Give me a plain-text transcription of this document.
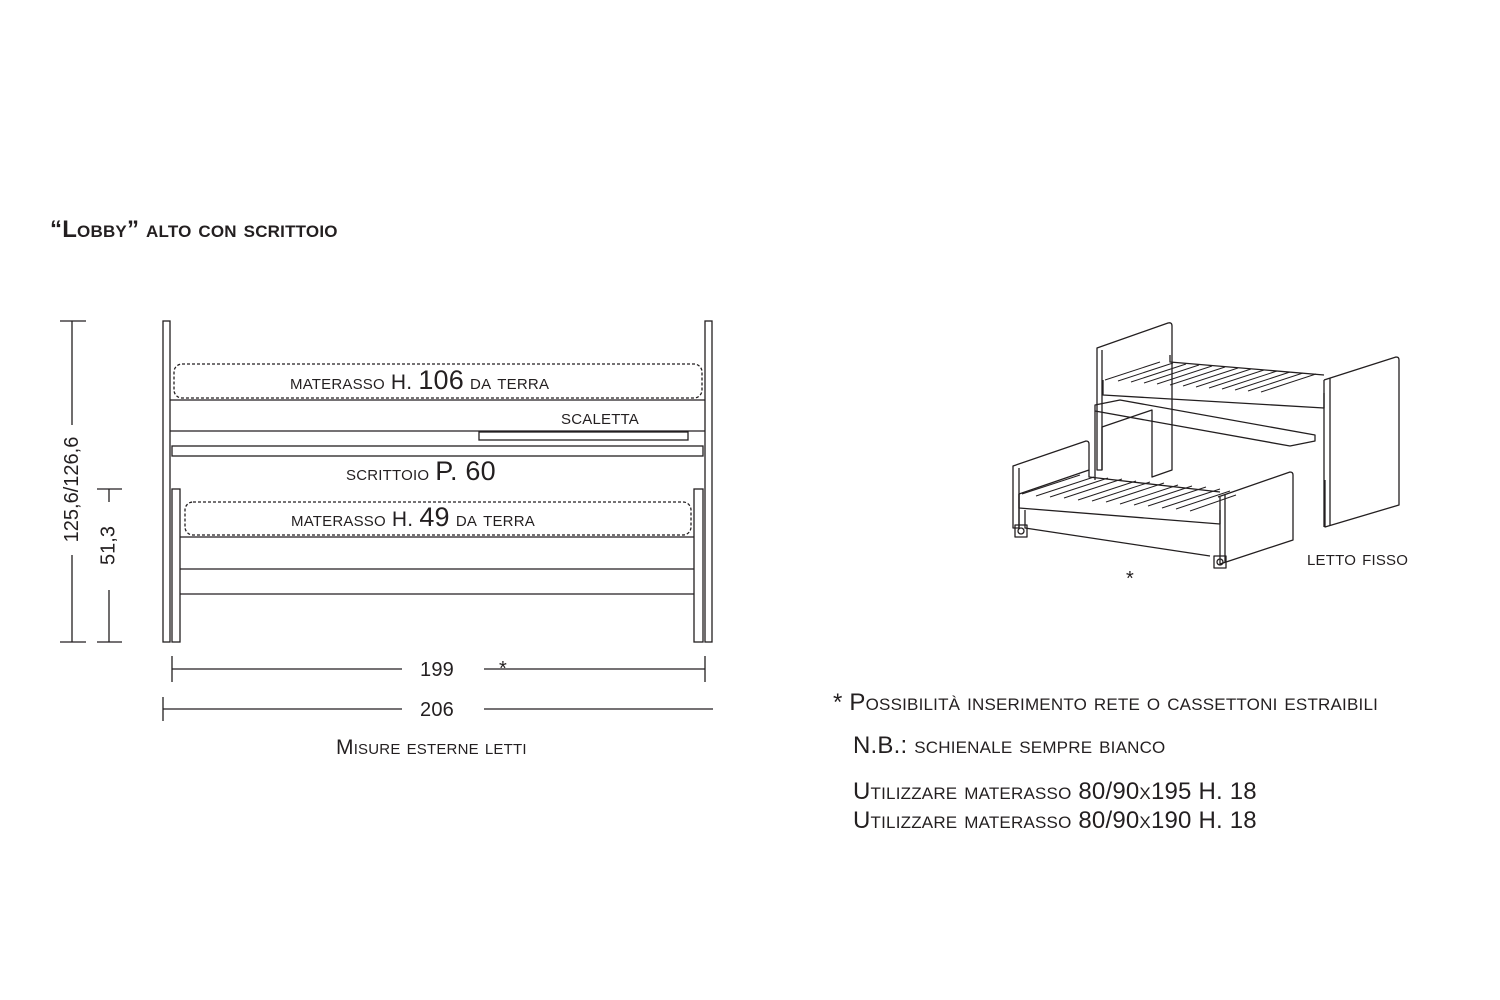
“Lobby” alto con scrittoio
materasso H. 106 da terra
scaletta
scrittoio P. 60
materasso H. 49 da terra
125,6/126,6
51,3
199 *
206
Misure esterne letti
letto fisso
*
* Possibilità inserimento rete o cassettoni estraibili
N.B.: schienale sempre bianco
Utilizzare materasso 80/90x195 H. 18
Utilizzare materasso 80/90x190 H. 18
